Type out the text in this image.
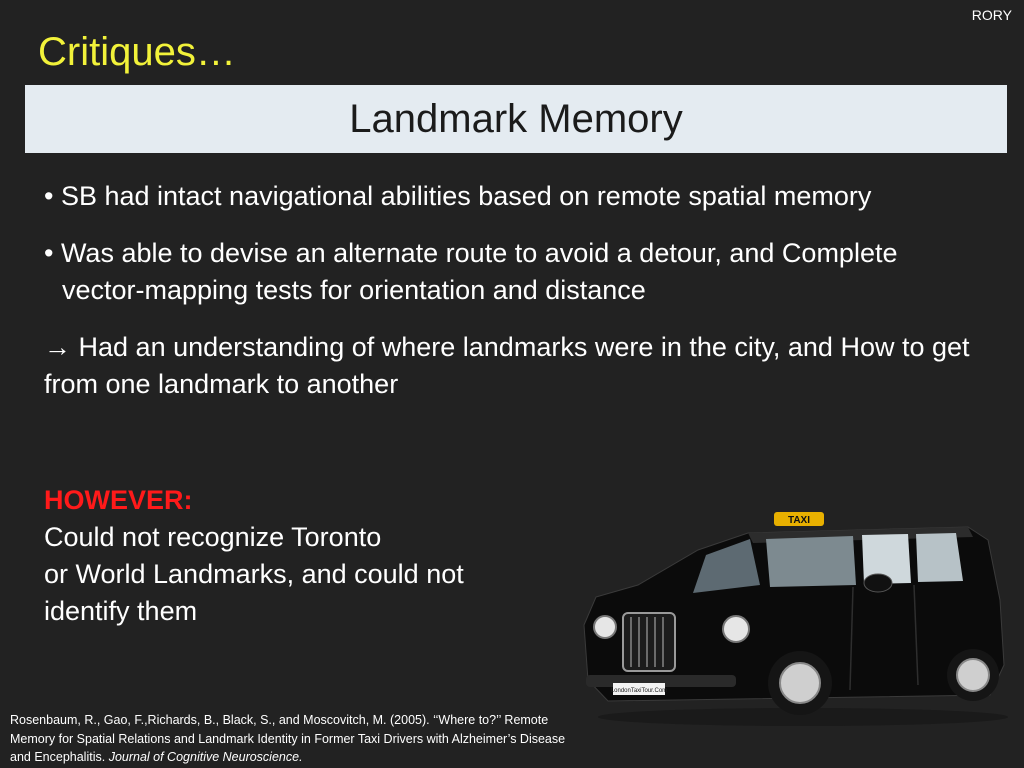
RORY
Critiques…
Landmark Memory
• SB had intact navigational abilities based on remote spatial memory
• Was able to devise an alternate route to avoid a detour, and Complete vector-mapping tests for orientation and distance
→ Had an understanding of where landmarks were in the city, and How to get from one landmark to another
HOWEVER:
Could not recognize Toronto
or World Landmarks, and could not
identify them
Rosenbaum, R., Gao, F.,Richards, B., Black, S., and Moscovitch, M. (2005). ‘‘Where to?’’ Remote Memory for Spatial Relations and Landmark Identity in Former Taxi Drivers with Alzheimer’s Disease and Encephalitis. Journal of Cognitive Neuroscience.
TAXI
LondonTaxiTour.Com
